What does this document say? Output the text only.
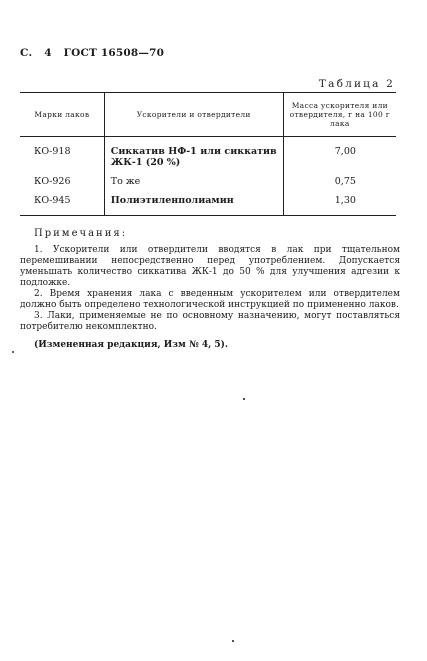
С. 4 ГОСТ 16508—70
Таблица 2
Марки лаков	Ускорители и отвердители	Масса ускорителя или отвердителя, г на 100 г лака
КО-918	Сиккатив НФ-1 или сиккатив ЖК-1 (20 %)	7,00
КО-926	То же	0,75
КО-945	Полиэтиленполиамин	1,30
Примечания:

1. Ускорители или отвердители вводятся в лак при тщательном перемешивании непосредственно перед употреблением. Допускается уменьшать количество сиккатива ЖК-1 до 50 % для улучшения адгезии к подложке.

2. Время хранения лака с введенным ускорителем или отвердителем должно быть определено технологической инструкцией по примененно лаков.

3. Лаки, применяемые не по основному назначению, могут поставляться потребителю некомплектно.

(Измененная редакция, Изм № 4, 5).
